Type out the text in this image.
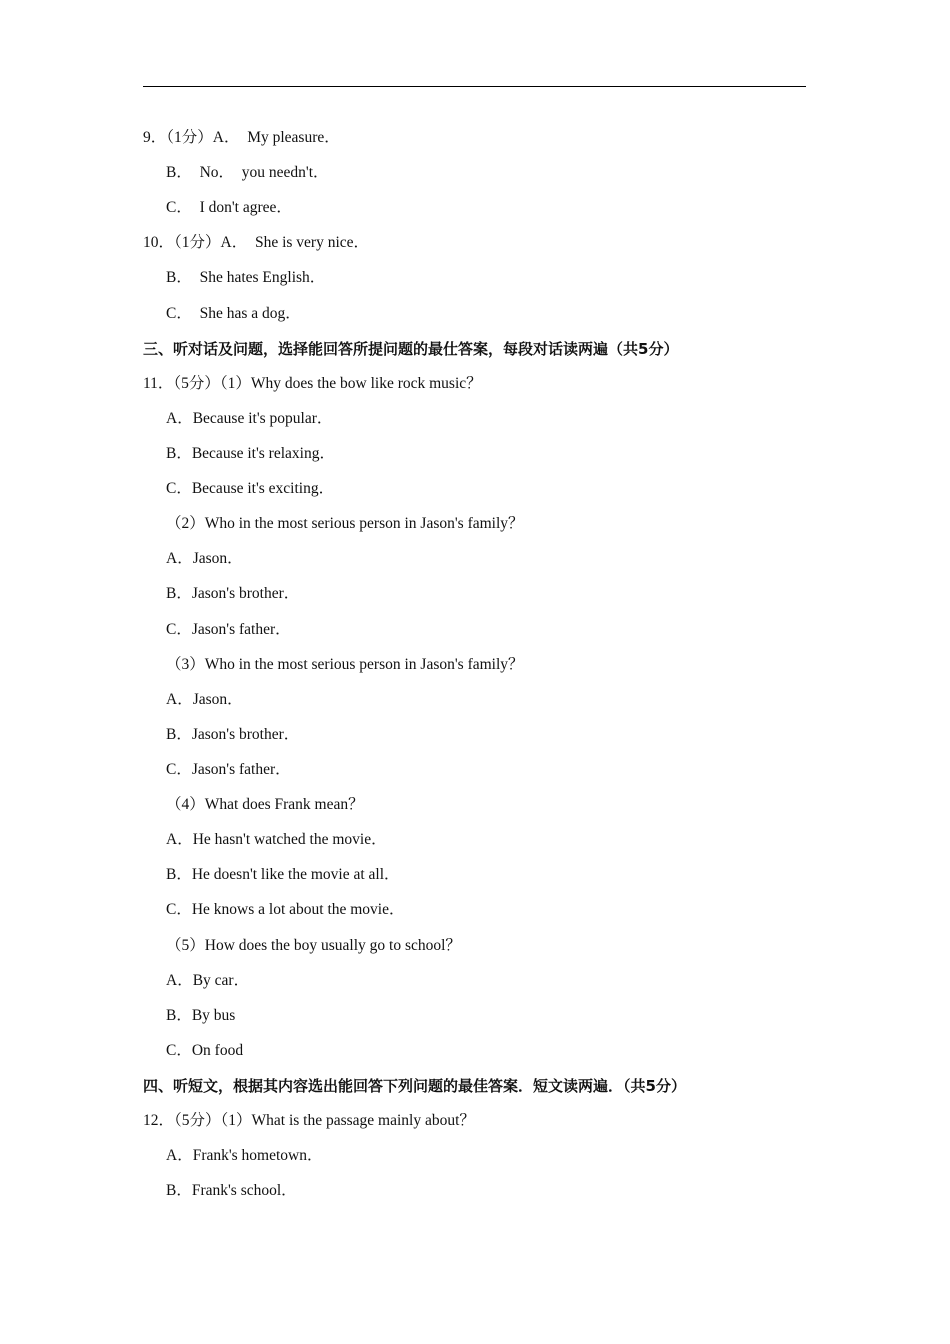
9．（1分）A．  My pleasure．
B．  No．  you needn't．
C．  I don't agree．
10．（1分）A．  She is very nice．
B．  She hates English．
C．  She has a dog．
三、听对话及问题，选择能回答所提问题的最仕答案，每段对话读两遍（共5分）
11．（5分）（1）Why does the bow like rock music？
A．Because it's popular．
B．Because it's relaxing．
C．Because it's exciting．
（2）Who in the most serious person in Jason's family？
A．Jason．
B．Jason's brother．
C．Jason's father．
（3）Who in the most serious person in Jason's family？
A．Jason．
B．Jason's brother．
C．Jason's father．
（4）What does Frank mean？
A．He hasn't watched the movie．
B．He doesn't like the movie at all．
C．He knows a lot about the movie．
（5）How does the boy usually go to school？
A．By car．
B．By bus
C．On food
四、听短文，根据其内容选出能回答下列问题的最佳答案．短文读两遍．（共5分）
12．（5分）（1）What is the passage mainly about？
A．Frank's hometown．
B．Frank's school．
